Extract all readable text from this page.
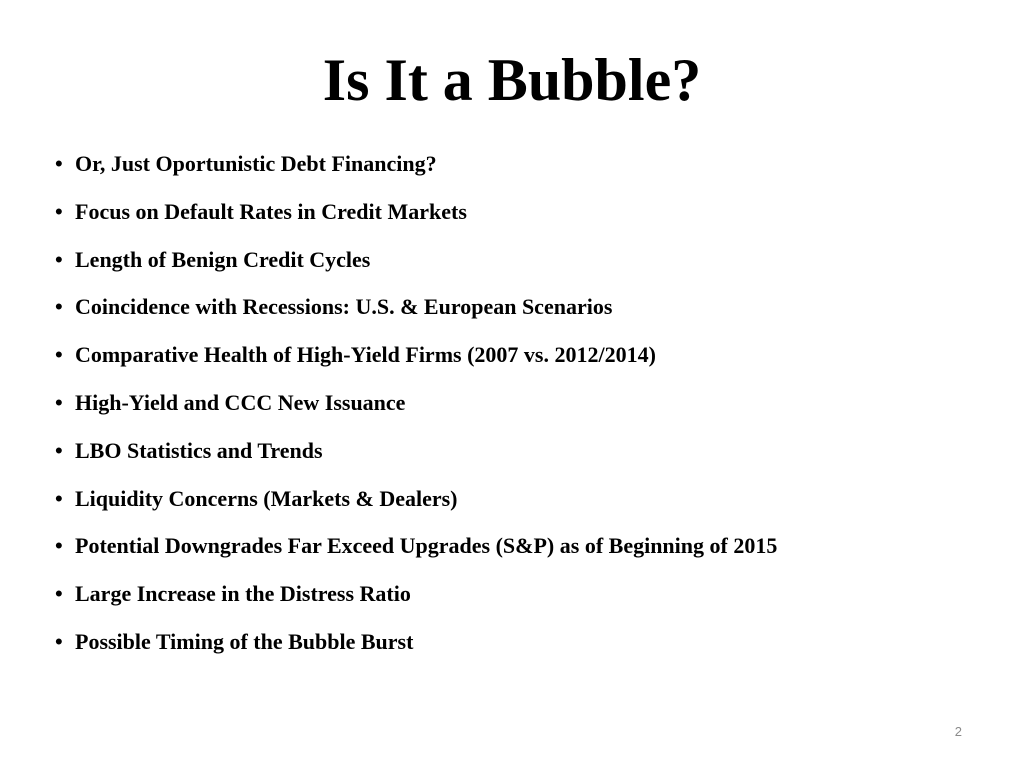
Is It a Bubble?
• Or, Just Oportunistic Debt Financing?
• Focus on Default Rates in Credit Markets
• Length of Benign Credit Cycles
• Coincidence with Recessions: U.S. & European Scenarios
• Comparative Health of High-Yield Firms (2007 vs. 2012/2014)
• High-Yield and CCC New Issuance
• LBO Statistics and Trends
• Liquidity Concerns (Markets & Dealers)
• Potential Downgrades Far Exceed Upgrades (S&P) as of Beginning of 2015
• Large Increase in the Distress Ratio
• Possible Timing of the Bubble Burst
2
